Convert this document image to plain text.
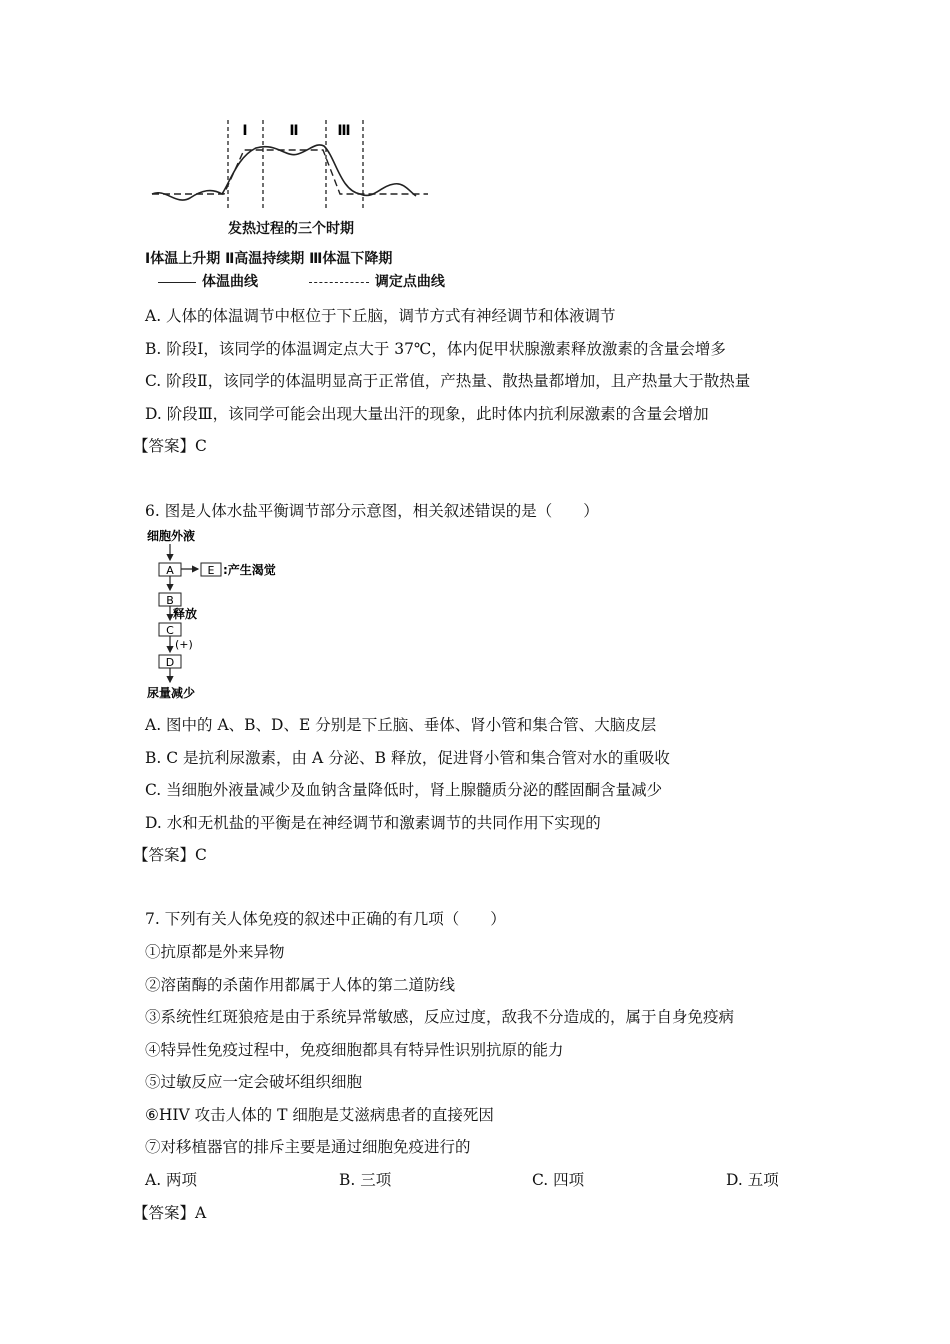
Ⅰ	Ⅱ	Ⅲ
发热过程的三个时期
Ⅰ体温上升期 Ⅱ高温持续期 Ⅲ体温下降期
体温曲线	调定点曲线
A. 人体的体温调节中枢位于下丘脑，调节方式有神经调节和体液调节
B. 阶段Ⅰ，该同学的体温调定点大于 37℃，体内促甲状腺激素释放激素的含量会增多
C. 阶段Ⅱ，该同学的体温明显高于正常值，产热量、散热量都增加，且产热量大于散热量
D. 阶段Ⅲ，该同学可能会出现大量出汗的现象，此时体内抗利尿激素的含量会增加
【答案】C
6. 图是人体水盐平衡调节部分示意图，相关叙述错误的是（　　）
细胞外液
A	E :产生渴觉
B
释放
C
(+)
D
尿量减少
A. 图中的 A、B、D、E 分别是下丘脑、垂体、肾小管和集合管、大脑皮层
B. C 是抗利尿激素，由 A 分泌、B 释放，促进肾小管和集合管对水的重吸收
C. 当细胞外液量减少及血钠含量降低时，肾上腺髓质分泌的醛固酮含量减少
D. 水和无机盐的平衡是在神经调节和激素调节的共同作用下实现的
【答案】C
7. 下列有关人体免疫的叙述中正确的有几项（　　）
①抗原都是外来异物
②溶菌酶的杀菌作用都属于人体的第二道防线
③系统性红斑狼疮是由于系统异常敏感，反应过度，敌我不分造成的，属于自身免疫病
④特异性免疫过程中，免疫细胞都具有特异性识别抗原的能力
⑤过敏反应一定会破坏组织细胞
⑥HIV 攻击人体的 T 细胞是艾滋病患者的直接死因
⑦对移植器官的排斥主要是通过细胞免疫进行的
A. 两项	B. 三项	C. 四项	D. 五项
【答案】A
